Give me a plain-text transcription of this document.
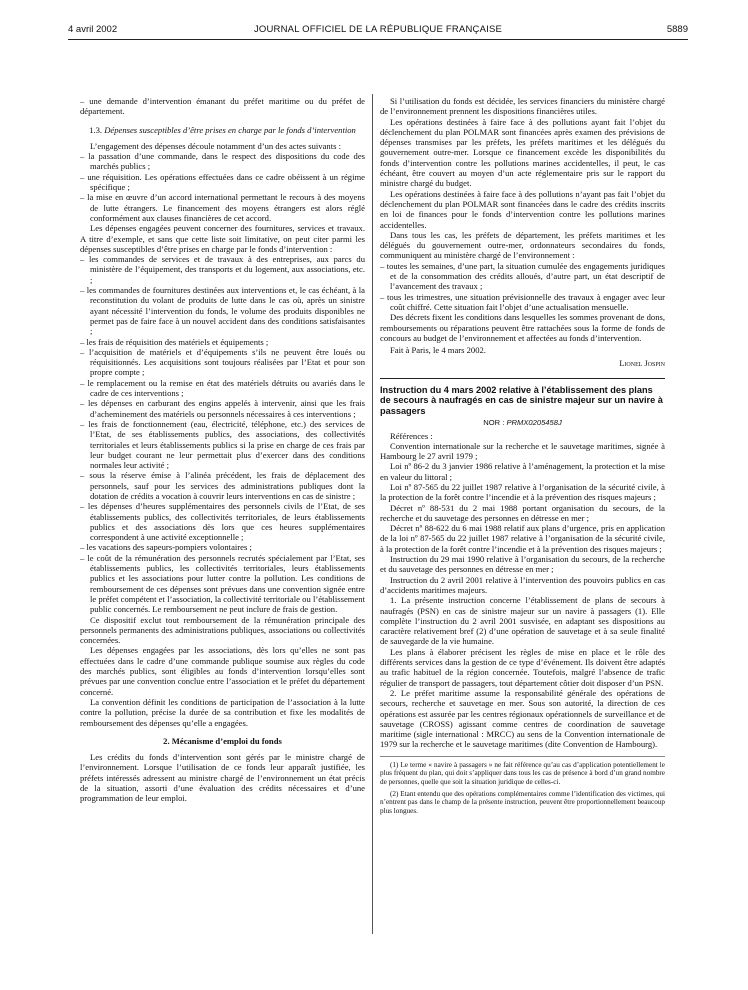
4 avril 2002	JOURNAL OFFICIEL DE LA RÉPUBLIQUE FRANÇAISE	5889

– une demande d’intervention émanant du préfet maritime ou du préfet de département.

1.3. Dépenses susceptibles d’être prises en charge par le fonds d’intervention

L’engagement des dépenses découle notamment d’un des actes suivants :

– la passation d’une commande, dans le respect des dispositions du code des marchés publics ;
– une réquisition. Les opérations effectuées dans ce cadre obéissent à un régime spécifique ;
– la mise en œuvre d’un accord international permettant le recours à des moyens de lutte étrangers. Le financement des moyens étrangers est alors réglé conformément aux clauses financières de cet accord.

Les dépenses engagées peuvent concerner des fournitures, services et travaux. A titre d’exemple, et sans que cette liste soit limitative, on peut citer parmi les dépenses susceptibles d’être prises en charge par le fonds d’intervention :

– les commandes de services et de travaux à des entreprises, aux parcs du ministère de l’équipement, des transports et du logement, aux associations, etc. ;
– les commandes de fournitures destinées aux interventions et, le cas échéant, à la reconstitution du volant de produits de lutte dans le cas où, après un sinistre ayant nécessité l’intervention du fonds, le volume des produits disponibles ne permet pas de faire face à un nouvel accident dans des conditions satisfaisantes ;
– les frais de réquisition des matériels et équipements ;
– l’acquisition de matériels et d’équipements s’ils ne peuvent être loués ou réquisitionnés. Les acquisitions sont toujours réalisées par l’Etat et pour son propre compte ;
– le remplacement ou la remise en état des matériels détruits ou avariés dans le cadre de ces interventions ;
– les dépenses en carburant des engins appelés à intervenir, ainsi que les frais d’acheminement des matériels ou personnels nécessaires à ces interventions ;
– les frais de fonctionnement (eau, électricité, téléphone, etc.) des services de l’Etat, de ses établissements publics, des associations, des collectivités territoriales et leurs établissements publics si la prise en charge de ces frais par leur budget courant ne leur permettait plus d’exercer dans des conditions normales leur activité ;
– sous la réserve émise à l’alinéa précédent, les frais de déplacement des personnels, sauf pour les services des administrations publiques dont la dotation de crédits a vocation à couvrir leurs interventions en cas de sinistre ;
– les dépenses d’heures supplémentaires des personnels civils de l’Etat, de ses établissements publics, des collectivités territoriales, de leurs établissements publics et des associations dès lors que ces heures supplémentaires correspondent à une activité exceptionnelle ;
– les vacations des sapeurs-pompiers volontaires ;
– le coût de la rémunération des personnels recrutés spécialement par l’Etat, ses établissements publics, les collectivités territoriales, leurs établissements publics et les associations pour lutter contre la pollution. Les conditions de remboursement de ces dépenses sont prévues dans une convention signée entre le préfet compétent et l’association, la collectivité territoriale ou l’établissement public concernés. Le remboursement ne peut inclure de frais de gestion.

Ce dispositif exclut tout remboursement de la rémunération principale des personnels permanents des administrations publiques, associations ou collectivités concernées.

Les dépenses engagées par les associations, dès lors qu’elles ne sont pas effectuées dans le cadre d’une commande publique soumise aux règles du code des marchés publics, sont éligibles au fonds d’intervention lorsqu’elles sont prévues par une convention conclue entre l’association et le préfet du département concerné.

La convention définit les conditions de participation de l’association à la lutte contre la pollution, précise la durée de sa contribution et fixe les modalités de remboursement des dépenses qu’elle a engagées.

2. Mécanisme d’emploi du fonds

Les crédits du fonds d’intervention sont gérés par le ministre chargé de l’environnement. Lorsque l’utilisation de ce fonds leur apparaît justifiée, les préfets intéressés adressent au ministre chargé de l’environnement un état précis de la situation, assorti d’une évaluation des crédits nécessaires et d’une programmation de leur emploi.

Si l’utilisation du fonds est décidée, les services financiers du ministère chargé de l’environnement prennent les dispositions financières utiles.

Les opérations destinées à faire face à des pollutions ayant fait l’objet du déclenchement du plan POLMAR sont financées après examen des prévisions de dépenses transmises par les préfets, les préfets maritimes et les délégués du gouvernement outre-mer. Lorsque ce financement excède les disponibilités du fonds d’intervention contre les pollutions marines accidentelles, il peut, le cas échéant, être couvert au moyen d’un acte réglementaire pris sur le rapport du ministre chargé du budget.

Les opérations destinées à faire face à des pollutions n’ayant pas fait l’objet du déclenchement du plan POLMAR sont financées dans le cadre des crédits inscrits en loi de finances pour le fonds d’intervention contre les pollutions marines accidentelles.

Dans tous les cas, les préfets de département, les préfets maritimes et les délégués du gouvernement outre-mer, ordonnateurs secondaires du fonds, communiquent au ministère chargé de l’environnement :

– toutes les semaines, d’une part, la situation cumulée des engagements juridiques et de la consommation des crédits alloués, d’autre part, un état descriptif de l’avancement des travaux ;
– tous les trimestres, une situation prévisionnelle des travaux à engager avec leur coût chiffré. Cette situation fait l’objet d’une actualisation mensuelle.

Des décrets fixent les conditions dans lesquelles les sommes provenant de dons, remboursements ou réparations peuvent être rattachées sous la forme de fonds de concours au budget de l’environnement et affectées au fonds d’intervention.

Fait à Paris, le 4 mars 2002.

Lionel Jospin

Instruction du 4 mars 2002 relative à l’établissement des plans de secours à naufragés en cas de sinistre majeur sur un navire à passagers

NOR : PRMX0205458J

Références :

Convention internationale sur la recherche et le sauvetage maritimes, signée à Hambourg le 27 avril 1979 ;

Loi nº 86-2 du 3 janvier 1986 relative à l’aménagement, la protection et la mise en valeur du littoral ;

Loi nº 87-565 du 22 juillet 1987 relative à l’organisation de la sécurité civile, à la protection de la forêt contre l’incendie et à la prévention des risques majeurs ;

Décret nº 88-531 du 2 mai 1988 portant organisation du secours, de la recherche et du sauvetage des personnes en détresse en mer ;

Décret nº 88-622 du 6 mai 1988 relatif aux plans d’urgence, pris en application de la loi nº 87-565 du 22 juillet 1987 relative à l’organisation de la sécurité civile, à la protection de la forêt contre l’incendie et à la prévention des risques majeurs ;

Instruction du 29 mai 1990 relative à l’organisation du secours, de la recherche et du sauvetage des personnes en détresse en mer ;

Instruction du 2 avril 2001 relative à l’intervention des pouvoirs publics en cas d’accidents maritimes majeurs.

1. La présente instruction concerne l’établissement de plans de secours à naufragés (PSN) en cas de sinistre majeur sur un navire à passagers (1). Elle complète l’instruction du 2 avril 2001 susvisée, en adaptant ses dispositions au caractère relativement bref (2) d’une opération de sauvetage et à sa seule finalité de sauvegarde de la vie humaine.

Les plans à élaborer précisent les règles de mise en place et le rôle des différents services dans la gestion de ce type d’événement. Ils doivent être adaptés au trafic habituel de la région concernée. Toutefois, malgré l’absence de trafic régulier de transport de passagers, tout département côtier doit disposer d’un PSN.

2. Le préfet maritime assume la responsabilité générale des opérations de secours, recherche et sauvetage en mer. Sous son autorité, la direction de ces opérations est assurée par les centres régionaux opérationnels de surveillance et de sauvetage (CROSS) agissant comme centres de coordination de sauvetage maritime (sigle international : MRCC) au sens de la Convention internationale de 1979 sur la recherche et le sauvetage maritimes (dite Convention de Hambourg).

(1) Le terme « navire à passagers » ne fait référence qu’au cas d’application potentiellement le plus fréquent du plan, qui doit s’appliquer dans tous les cas de présence à bord d’un grand nombre de personnes, quelle que soit la situation juridique de celles-ci.

(2) Etant entendu que des opérations complémentaires comme l’identification des victimes, qui n’entrent pas dans le champ de la présente instruction, peuvent être proportionnellement beaucoup plus longues.
